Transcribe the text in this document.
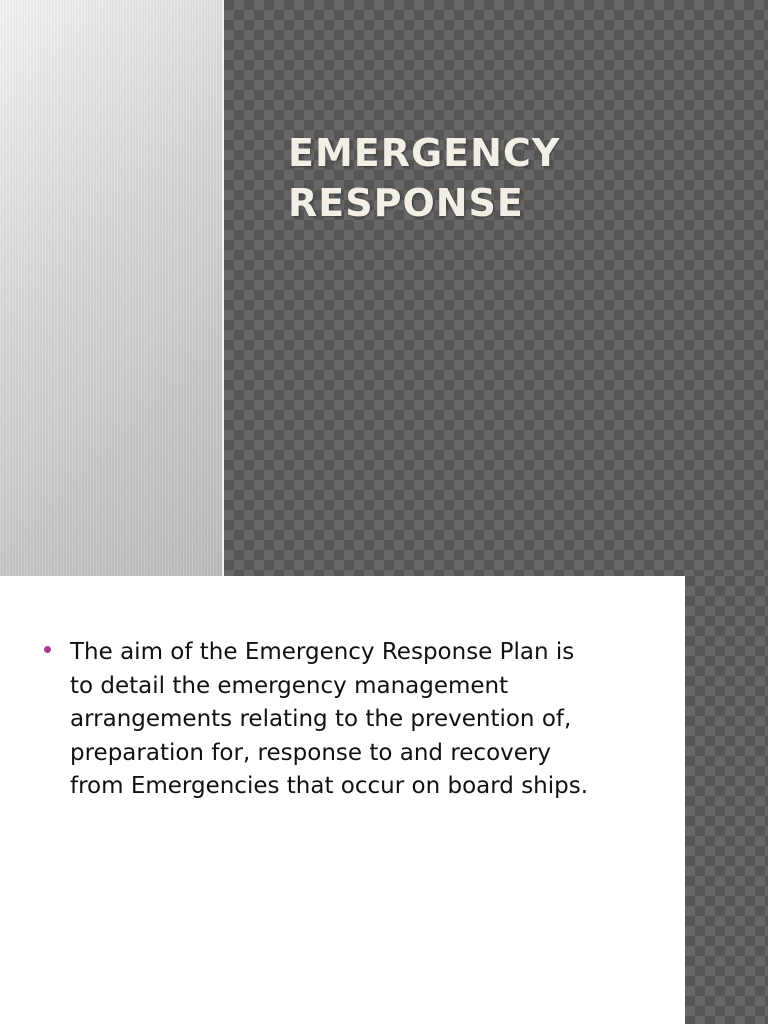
EMERGENCY
RESPONSE
The aim of the Emergency Response Plan is
to detail the emergency management
arrangements relating to the prevention of,
preparation for, response to and recovery
from Emergencies that occur on board ships.
